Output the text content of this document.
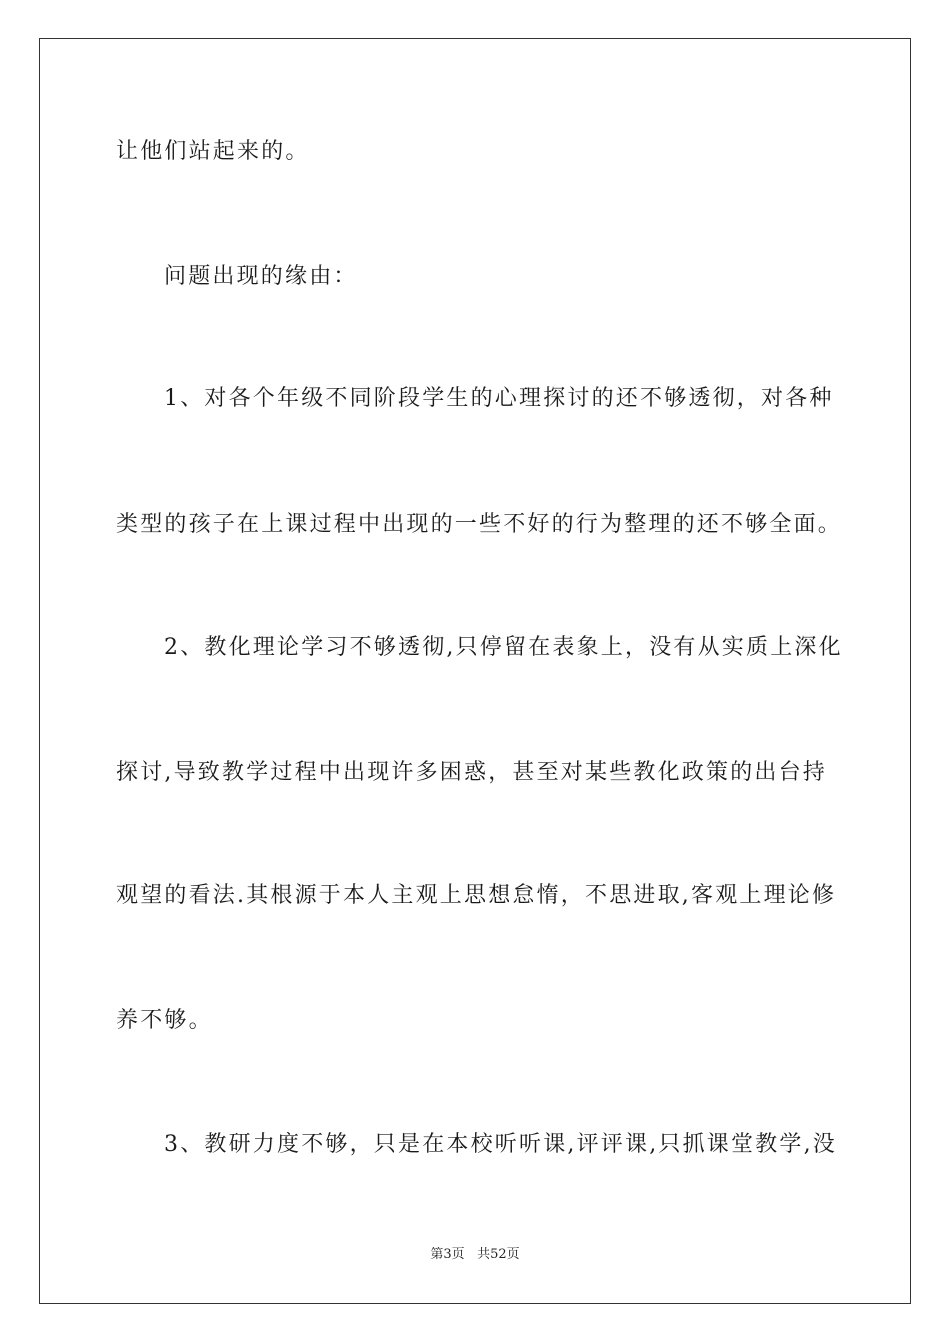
让他们站起来的。
问题出现的缘由：
1、对各个年级不同阶段学生的心理探讨的还不够透彻，对各种
类型的孩子在上课过程中出现的一些不好的行为整理的还不够全面。
2、教化理论学习不够透彻,只停留在表象上，没有从实质上深化
探讨,导致教学过程中出现许多困惑，甚至对某些教化政策的出台持
观望的看法.其根源于本人主观上思想怠惰，不思进取,客观上理论修
养不够。
3、教研力度不够，只是在本校听听课,评评课,只抓课堂教学,没
第3页 共52页
